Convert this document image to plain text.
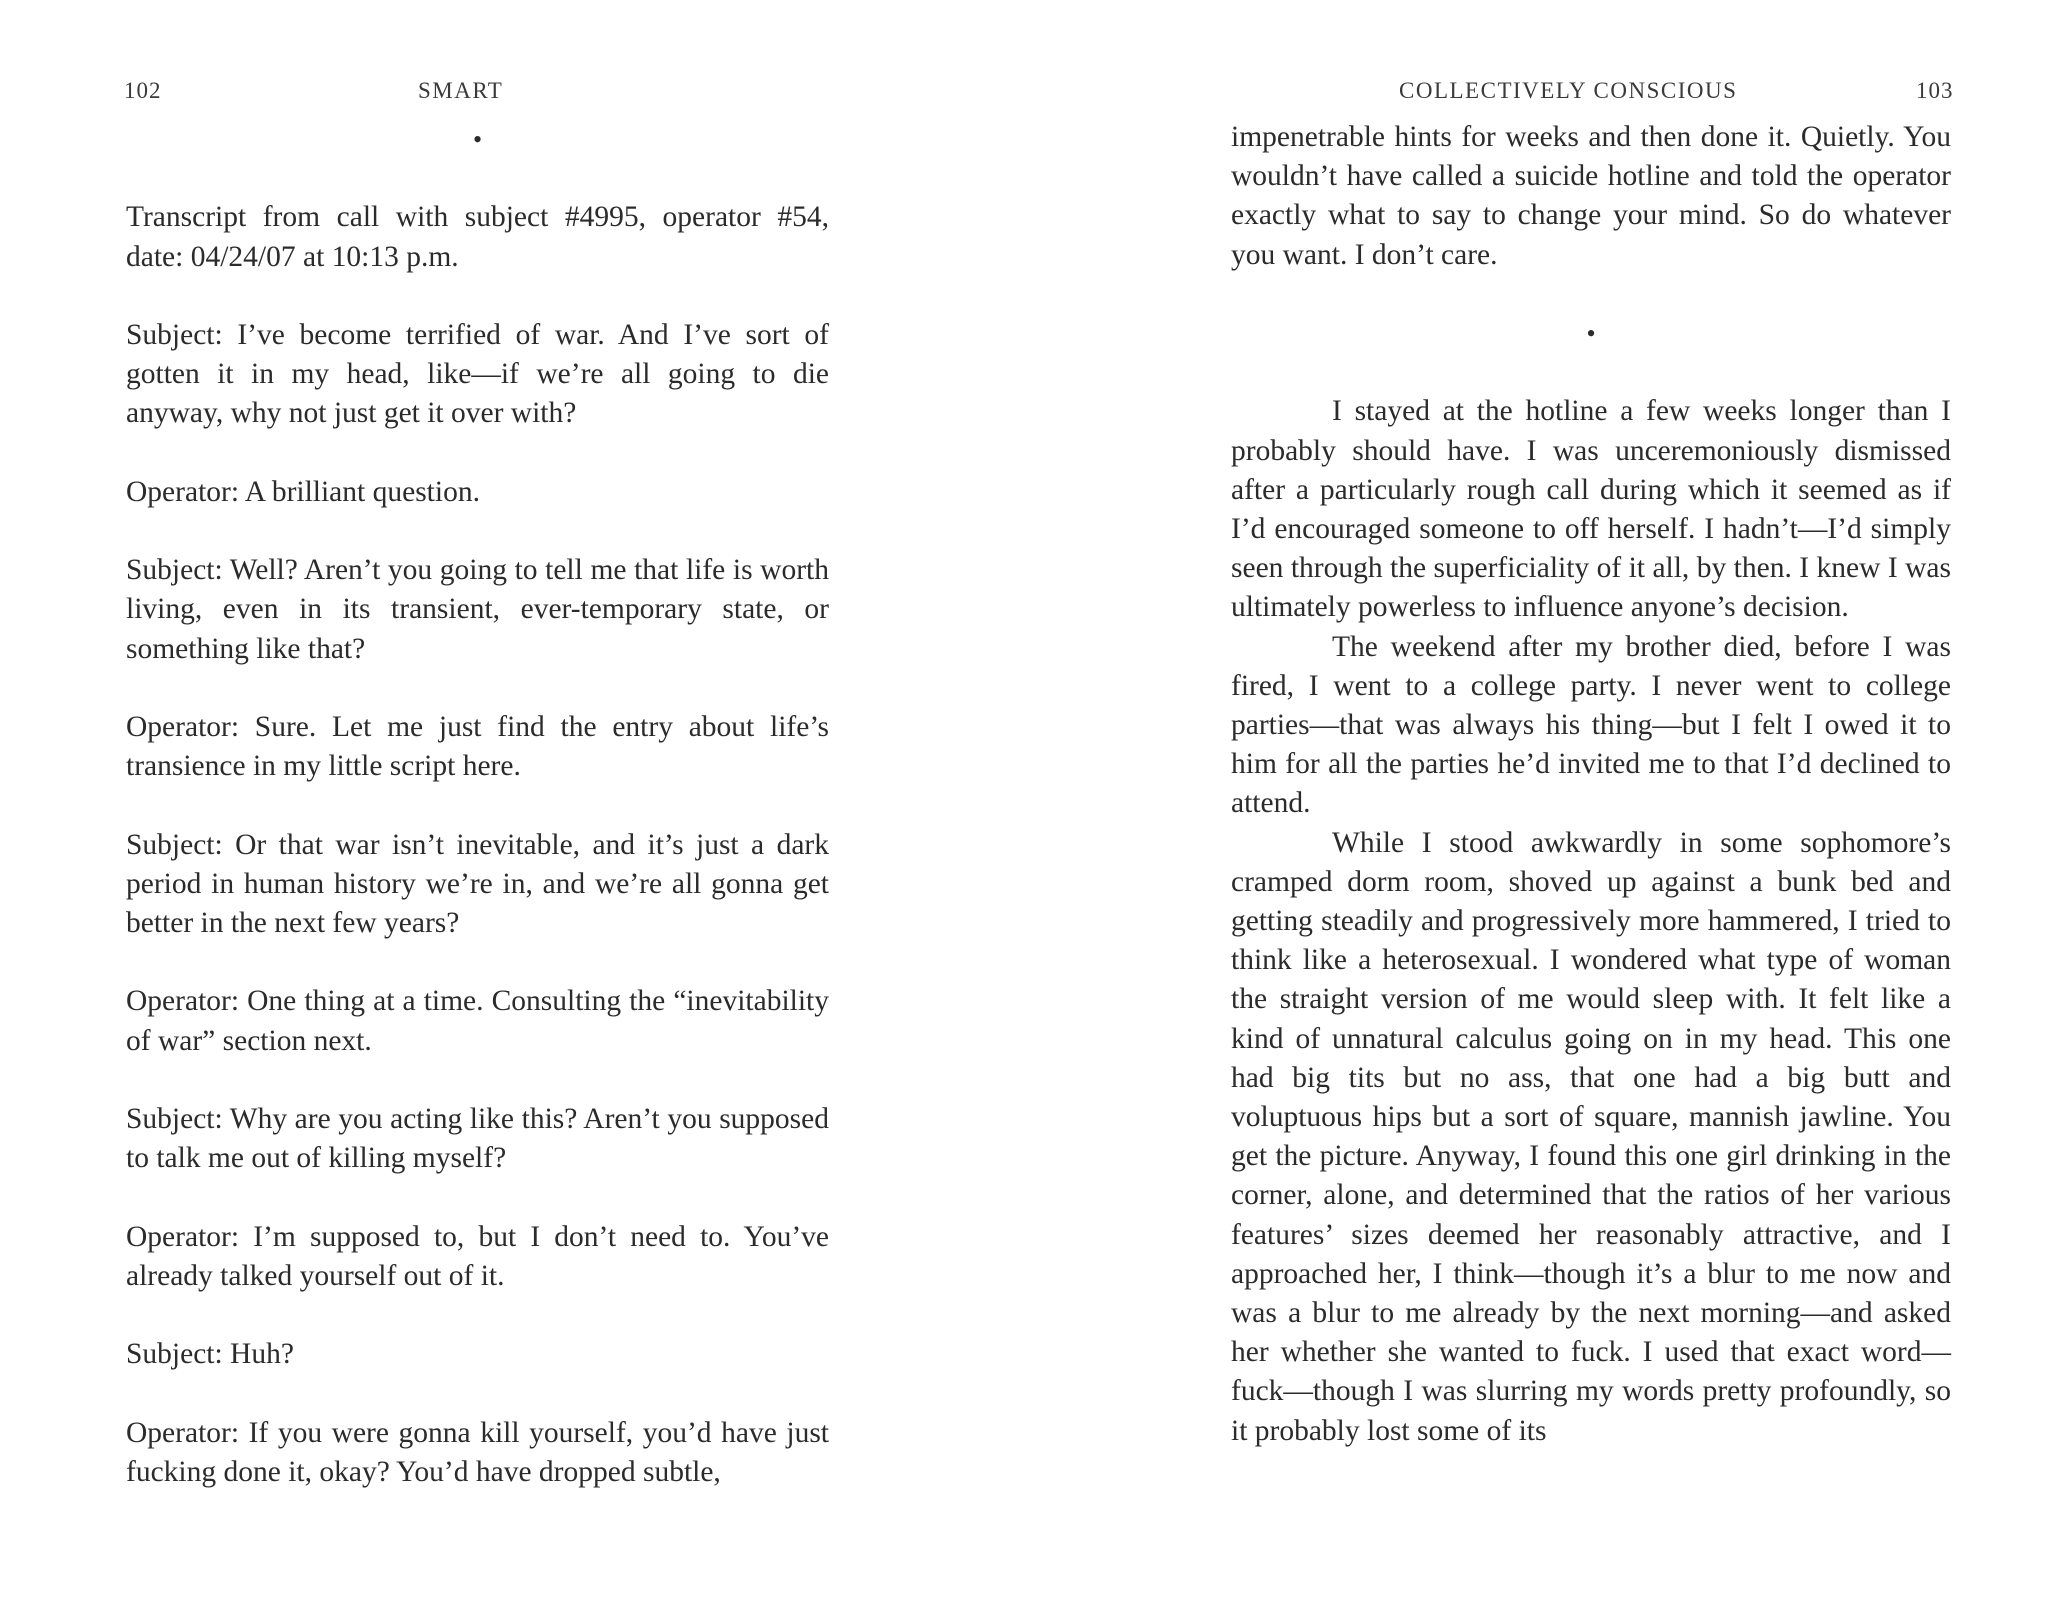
102	SMART
•

Transcript from call with subject #4995, operator #54, date: 04/24/07 at 10:13 p.m.

Subject: I’ve become terrified of war. And I’ve sort of gotten it in my head, like—if we’re all going to die anyway, why not just get it over with?

Operator: A brilliant question.

Subject: Well? Aren’t you going to tell me that life is worth living, even in its transient, ever-temporary state, or something like that?

Operator: Sure. Let me just find the entry about life’s transience in my little script here.

Subject: Or that war isn’t inevitable, and it’s just a dark period in human history we’re in, and we’re all gonna get better in the next few years?

Operator: One thing at a time. Consulting the “inevitability of war” section next.

Subject: Why are you acting like this? Aren’t you supposed to talk me out of killing myself?

Operator: I’m supposed to, but I don’t need to. You’ve already talked yourself out of it.

Subject: Huh?

Operator: If you were gonna kill yourself, you’d have just fucking done it, okay? You’d have dropped subtle,

COLLECTIVELY CONSCIOUS	103

impenetrable hints for weeks and then done it. Quietly. You wouldn’t have called a suicide hotline and told the operator exactly what to say to change your mind. So do whatever you want. I don’t care.

•

I stayed at the hotline a few weeks longer than I probably should have. I was unceremoniously dismissed after a particularly rough call during which it seemed as if I’d encouraged someone to off herself. I hadn’t—I’d simply seen through the superficiality of it all, by then. I knew I was ultimately powerless to influence anyone’s decision.

The weekend after my brother died, before I was fired, I went to a college party. I never went to college parties—that was always his thing—but I felt I owed it to him for all the parties he’d invited me to that I’d declined to attend.

While I stood awkwardly in some sophomore’s cramped dorm room, shoved up against a bunk bed and getting steadily and progressively more hammered, I tried to think like a heterosexual. I wondered what type of woman the straight version of me would sleep with. It felt like a kind of unnatural calculus going on in my head. This one had big tits but no ass, that one had a big butt and voluptuous hips but a sort of square, mannish jawline. You get the picture. Anyway, I found this one girl drinking in the corner, alone, and determined that the ratios of her various features’ sizes deemed her reasonably attractive, and I approached her, I think—though it’s a blur to me now and was a blur to me already by the next morning—and asked her whether she wanted to fuck. I used that exact word—fuck—though I was slurring my words pretty profoundly, so it probably lost some of its
